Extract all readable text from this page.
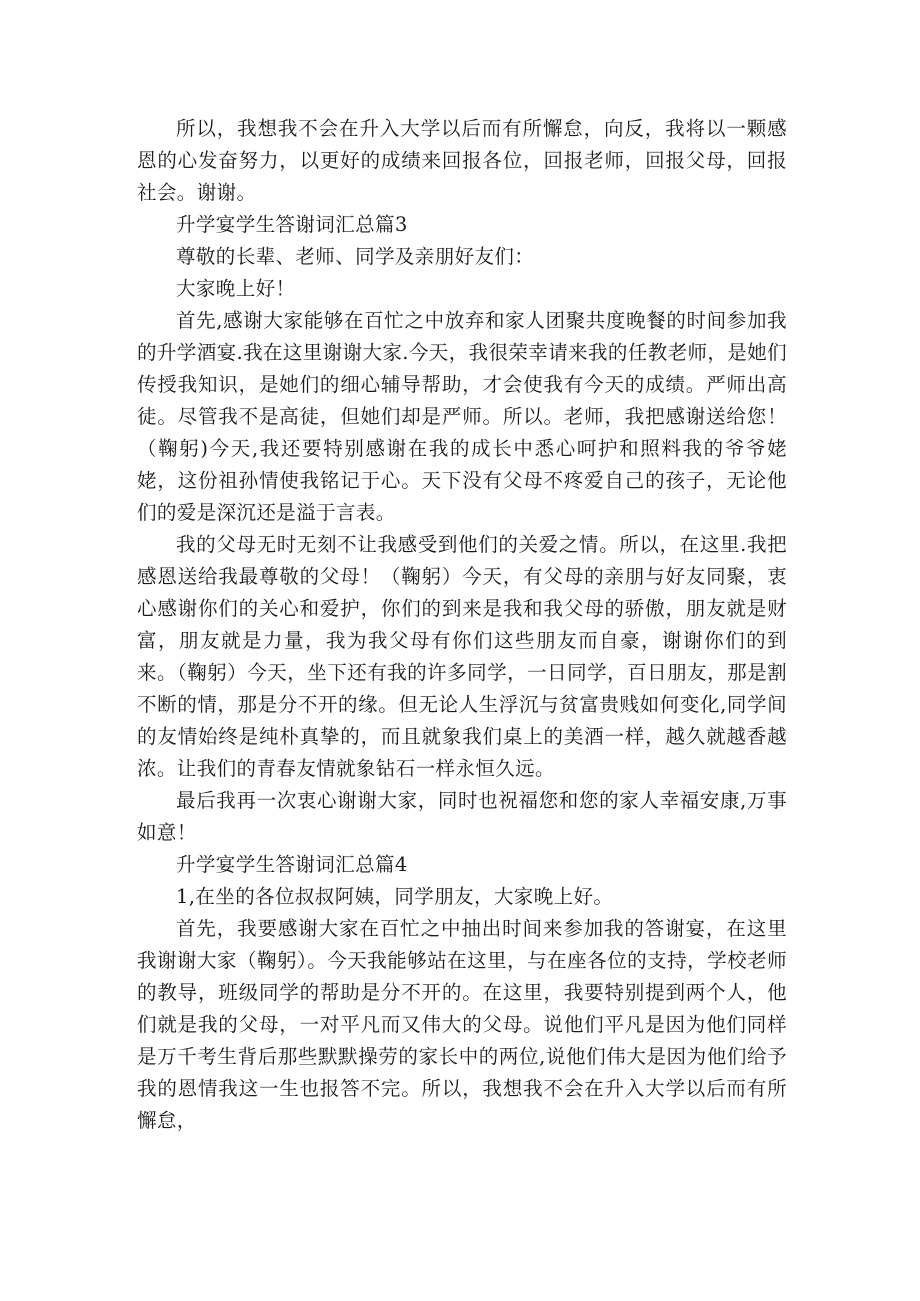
所以，我想我不会在升入大学以后而有所懈怠，向反，我将以一颗感恩的心发奋努力，以更好的成绩来回报各位，回报老师，回报父母，回报社会。谢谢。

升学宴学生答谢词汇总篇3

尊敬的长辈、老师、同学及亲朋好友们：

大家晚上好！

首先,感谢大家能够在百忙之中放弃和家人团聚共度晚餐的时间参加我的升学酒宴.我在这里谢谢大家.今天，我很荣幸请来我的任教老师，是她们传授我知识，是她们的细心辅导帮助，才会使我有今天的成绩。严师出高徒。尽管我不是高徒，但她们却是严师。所以。老师，我把感谢送给您！（鞠躬)今天,我还要特别感谢在我的成长中悉心呵护和照料我的爷爷姥姥，这份祖孙情使我铭记于心。天下没有父母不疼爱自己的孩子，无论他们的爱是深沉还是溢于言表。

我的父母无时无刻不让我感受到他们的关爱之情。所以，在这里.我把感恩送给我最尊敬的父母！（鞠躬）今天，有父母的亲朋与好友同聚，衷心感谢你们的关心和爱护，你们的到来是我和我父母的骄傲，朋友就是财富，朋友就是力量，我为我父母有你们这些朋友而自豪，谢谢你们的到来。（鞠躬）今天，坐下还有我的许多同学，一日同学，百日朋友，那是割不断的情，那是分不开的缘。但无论人生浮沉与贫富贵贱如何变化,同学间的友情始终是纯朴真挚的，而且就象我们桌上的美酒一样，越久就越香越浓。让我们的青春友情就象钻石一样永恒久远。

最后我再一次衷心谢谢大家，同时也祝福您和您的家人幸福安康,万事如意！

升学宴学生答谢词汇总篇4

1,在坐的各位叔叔阿姨，同学朋友，大家晚上好。

首先，我要感谢大家在百忙之中抽出时间来参加我的答谢宴，在这里我谢谢大家（鞠躬）。今天我能够站在这里，与在座各位的支持，学校老师的教导，班级同学的帮助是分不开的。在这里，我要特别提到两个人，他们就是我的父母，一对平凡而又伟大的父母。说他们平凡是因为他们同样是万千考生背后那些默默操劳的家长中的两位,说他们伟大是因为他们给予我的恩情我这一生也报答不完。所以，我想我不会在升入大学以后而有所懈怠，
